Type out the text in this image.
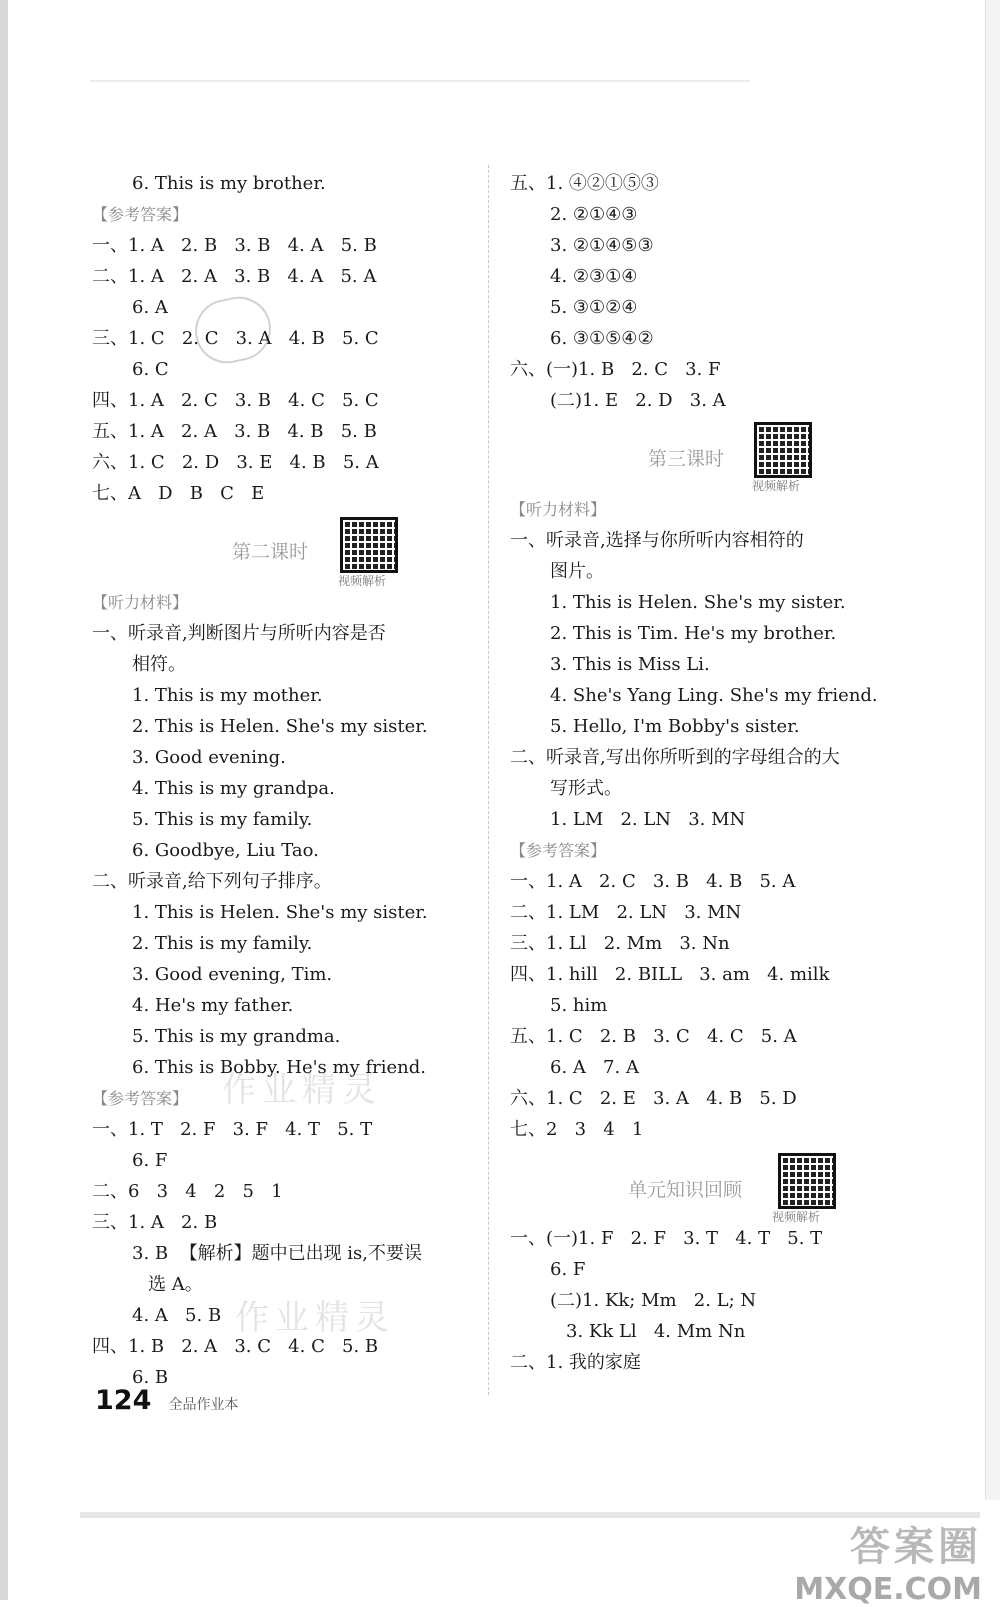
作业精灵
作业精灵
6. This is my brother.
【参考答案】
一、1. A   2. B   3. B   4. A   5. B
二、1. A   2. A   3. B   4. A   5. A
6. A
三、1. C   2. C   3. A   4. B   5. C
6. C
四、1. A   2. C   3. B   4. C   5. C
五、1. A   2. A   3. B   4. B   5. B
六、1. C   2. D   3. E   4. B   5. A
七、A   D   B   C   E
第二课时
视频解析
【听力材料】
一、听录音,判断图片与所听内容是否
相符。
1. This is my mother.
2. This is Helen. She's my sister.
3. Good evening.
4. This is my grandpa.
5. This is my family.
6. Goodbye, Liu Tao.
二、听录音,给下列句子排序。
1. This is Helen. She's my sister.
2. This is my family.
3. Good evening, Tim.
4. He's my father.
5. This is my grandma.
6. This is Bobby. He's my friend.
【参考答案】
一、1. T   2. F   3. F   4. T   5. T
6. F
二、6   3   4   2   5   1
三、1. A   2. B
3. B  【解析】题中已出现 is,不要误
选 A。
4. A   5. B
四、1. B   2. A   3. C   4. C   5. B
6. B
五、1. ④②①⑤③
2. ②①④③
3. ②①④⑤③
4. ②③①④
5. ③①②④
6. ③①⑤④②
六、(一)1. B   2. C   3. F
(二)1. E   2. D   3. A
第三课时
视频解析
【听力材料】
一、听录音,选择与你所听内容相符的
图片。
1. This is Helen. She's my sister.
2. This is Tim. He's my brother.
3. This is Miss Li.
4. She's Yang Ling. She's my friend.
5. Hello, I'm Bobby's sister.
二、听录音,写出你所听到的字母组合的大
写形式。
1. LM   2. LN   3. MN
【参考答案】
一、1. A   2. C   3. B   4. B   5. A
二、1. LM   2. LN   3. MN
三、1. Ll   2. Mm   3. Nn
四、1. hill   2. BILL   3. am   4. milk
5. him
五、1. C   2. B   3. C   4. C   5. A
6. A   7. A
六、1. C   2. E   3. A   4. B   5. D
七、2   3   4   1
单元知识回顾
视频解析
一、(一)1. F   2. F   3. T   4. T   5. T
6. F
(二)1. Kk; Mm   2. L; N
3. Kk Ll   4. Mm Nn
二、1. 我的家庭
124 全品作业本
答案圈
MXQE.COM
